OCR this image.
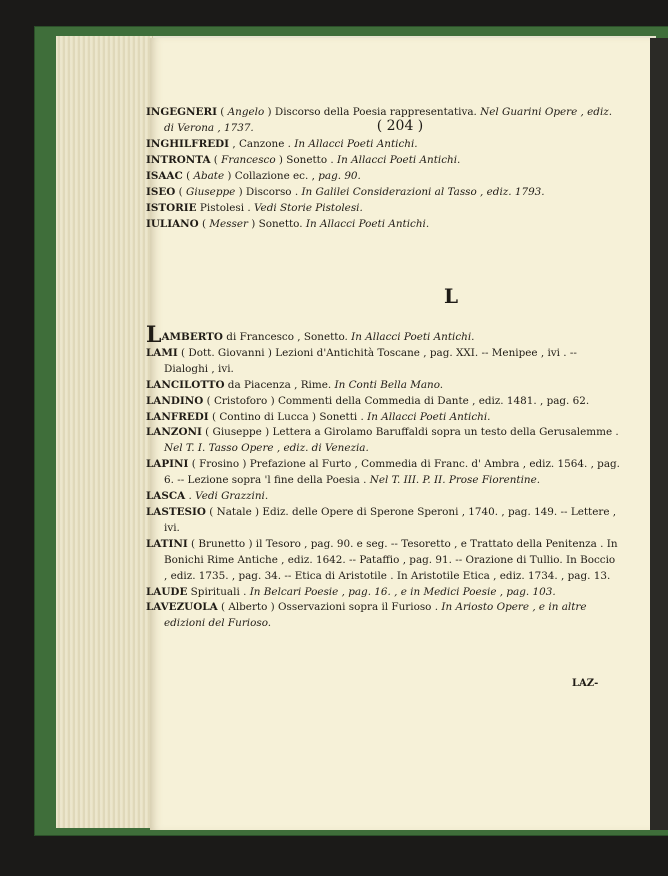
( 204 )

INGEGNERI ( Angelo ) Discorso della Poesia rappresentativa. Nel Guarini Opere , ediz. di Verona , 1737.

INGHILFREDI , Canzone . In Allacci Poeti Antichi.

INTRONTA ( Francesco ) Sonetto . In Allacci Poeti Antichi.

ISAAC ( Abate ) Collazione ec. , pag. 90.

ISEO ( Giuseppe ) Discorso . In Galilei Considerazioni al Tasso , ediz. 1793.

ISTORIE Pistolesi . Vedi Storie Pistolesi.

IULIANO ( Messer ) Sonetto. In Allacci Poeti Antichi.

L

LAMBERTO di Francesco , Sonetto. In Allacci Poeti Antichi.

LAMI ( Dott. Giovanni ) Lezioni d'Antichità Toscane , pag. XXI. -- Menipee , ivi . -- Dialoghi , ivi.

LANCILOTTO da Piacenza , Rime. In Conti Bella Mano.

LANDINO ( Cristoforo ) Commenti della Commedia di Dante , ediz. 1481. , pag. 62.

LANFREDI ( Contino di Lucca ) Sonetti . In Allacci Poeti Antichi.

LANZONI ( Giuseppe ) Lettera a Girolamo Baruffaldi sopra un testo della Gerusalemme . Nel T. I. Tasso Opere , ediz. di Venezia.

LAPINI ( Frosino ) Prefazione al Furto , Commedia di Franc. d' Ambra , ediz. 1564. , pag. 6. -- Lezione sopra 'l fine della Poesia . Nel T. III. P. II. Prose Fiorentine.

LASCA . Vedi Grazzini.

LASTESIO ( Natale ) Ediz. delle Opere di Sperone Speroni , 1740. , pag. 149. -- Lettere , ivi.

LATINI ( Brunetto ) il Tesoro , pag. 90. e seg. -- Tesoretto , e Trattato della Penitenza . In Bonichi Rime Antiche , ediz. 1642. -- Pataffio , pag. 91. -- Orazione di Tullio. In Boccio , ediz. 1735. , pag. 34. -- Etica di Aristotile . In Aristotile Etica , ediz. 1734. , pag. 13.

LAUDE Spirituali . In Belcari Poesie , pag. 16. , e in Medici Poesie , pag. 103.

LAVEZUOLA ( Alberto ) Osservazioni sopra il Furioso . In Ariosto Opere , e in altre edizioni del Furioso.

LAZ-
